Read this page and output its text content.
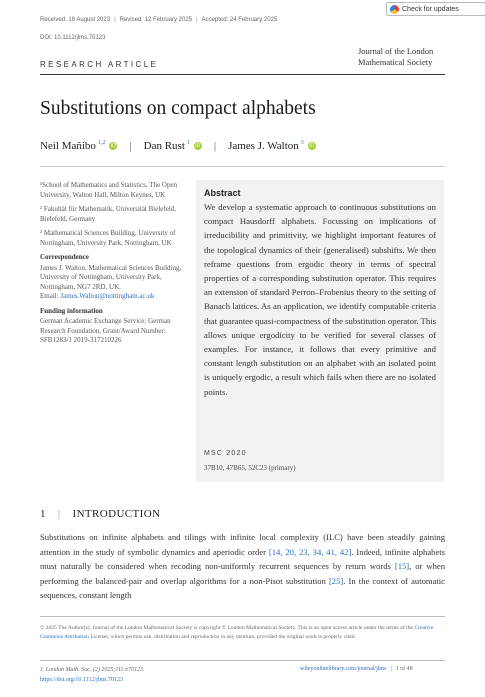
Received: 18 August 2023 | Revised: 12 February 2025 | Accepted: 24 February 2025
DOI: 10.1112/jlms.70123
Check for updates
Journal of the London
Mathematical Society
RESEARCH ARTICLE
Substitutions on compact alphabets
Neil Mañibo $^{1,2}$	iD | Dan Rust $^1$	iD | James J. Walton $^3$	iD

¹School of Mathematics and Statistics, The Open University, Walton Hall, Milton Keynes, UK

² Fakultät für Mathematik, Universität Bielefeld, Bielefeld, Germany

³ Mathematical Sciences Building, University of Nottingham, University Park, Nottingham, UK

Correspondence
James J. Walton, Mathematical Sciences Building, University of Nottingham, University Park, Nottingham, NG7 2RD, UK.

Email: James.Walton@nottingham.ac.uk

Funding information
German Academic Exchange Service; German Research Foundation, Grant/Award Number: SFB1283/1 2019-317210226
Abstract
We develop a systematic approach to continuous substitutions on compact Hausdorff alphabets. Focussing on implications of irreducibility and primitivity, we highlight important features of the topological dynamics of their (generalised) subshifts. We then reframe questions from ergodic theory in terms of spectral properties of a corresponding substitution operator. This requires an extension of standard Perron–Frobenius theory to the setting of Banach lattices. As an application, we identify computable criteria that guarantee quasi-compactness of the substitution operator. This allows unique ergodicity to be verified for several classes of examples. For instance, it follows that every primitive and constant length substitution on an alphabet with an isolated point is uniquely ergodic, a result which fails when there are no isolated points.
MSC 2020
37B10, 47B65, 52C23 (primary)
1 | INTRODUCTION
Substitutions on infinite alphabets and tilings with infinite local complexity (ILC) have been steadily gaining attention in the study of symbolic dynamics and aperiodic order [14, 20, 23, 34, 41, 42]. Indeed, infinite alphabets must naturally be considered when recoding non-uniformly recurrent sequences by return words [15], or when performing the balanced-pair and overlap algorithms for a non-Pisot substitution [25]. In the context of automatic sequences, constant length
© 2025 The Author(s). Journal of the London Mathematical Society is copyright © London Mathematical Society. This is an open access article under the terms of the Creative Commons Attribution License, which permits use, distribution and reproduction in any medium, provided the original work is properly cited.
J. London Math. Soc. (2) 2025;111:e70123.
https://doi.org/10.1112/jlms.70123
wileyonlinelibrary.com/journal/jlms | 1 of 48
